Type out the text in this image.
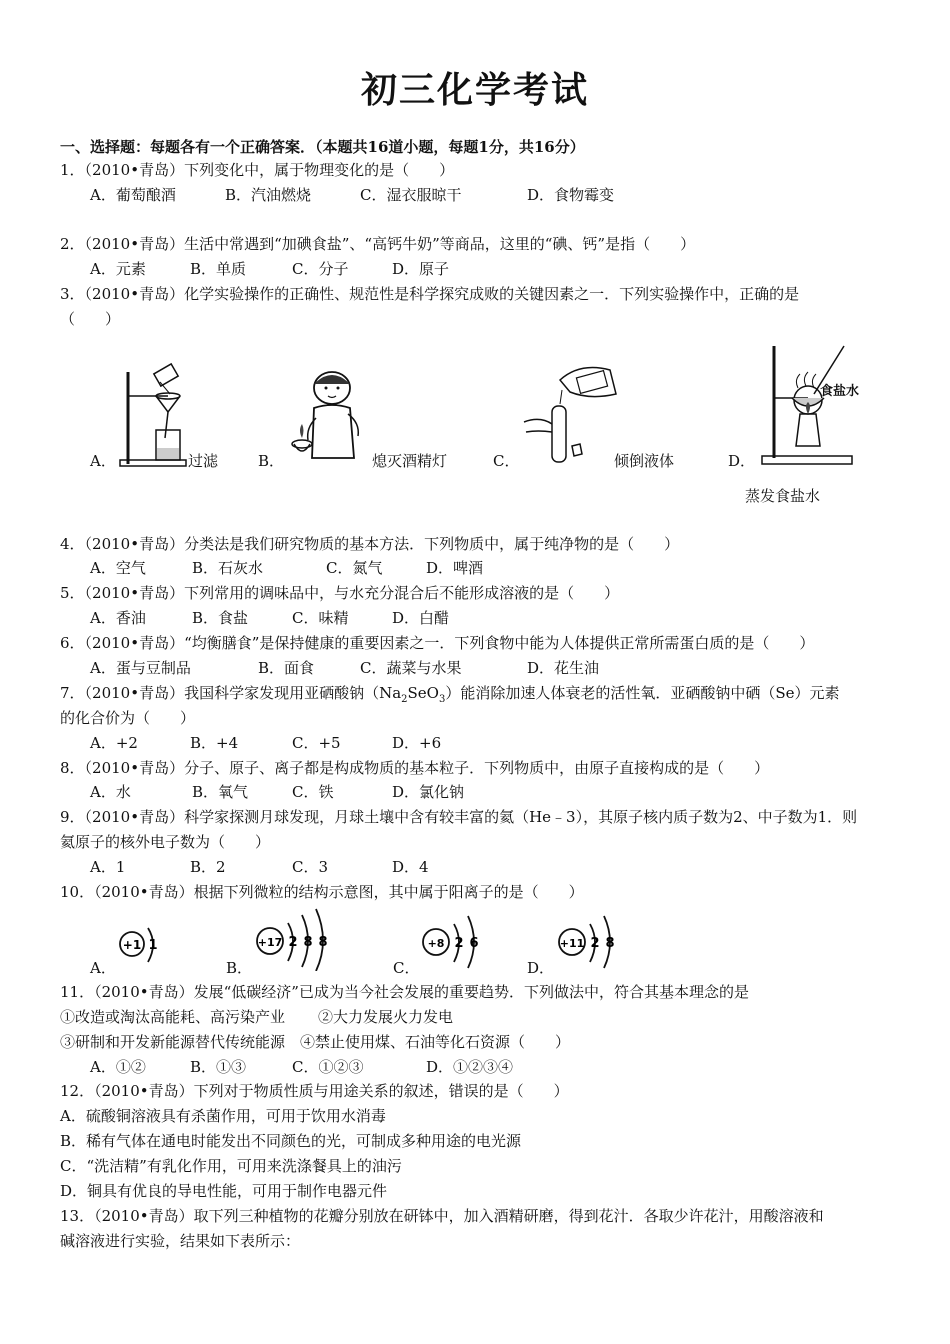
初三化学考试
一、选择题：每题各有一个正确答案．（本题共16道小题，每题1分，共16分）
1．（2010•青岛）下列变化中，属于物理变化的是（　　）
A．葡萄酿酒	B．汽油燃烧	C．湿衣服晾干	D．食物霉变
2．（2010•青岛）生活中常遇到“加碘食盐”、“高钙牛奶”等商品，这里的“碘、钙”是指（　　）
A．元素	B．单质	C．分子	D．原子
3．（2010•青岛）化学实验操作的正确性、规范性是科学探究成败的关键因素之一．下列实验操作中，正确的是
（　　）
A．	过滤	B．	熄灭酒精灯	C．	倾倒液体	D．
食盐水
蒸发食盐水
4．（2010•青岛）分类法是我们研究物质的基本方法．下列物质中，属于纯净物的是（　　）
A．空气	B．石灰水	C．氮气	D．啤酒
5．（2010•青岛）下列常用的调味品中，与水充分混合后不能形成溶液的是（　　）
A．香油	B．食盐	C．味精	D．白醋
6．（2010•青岛）“均衡膳食”是保持健康的重要因素之一．下列食物中能为人体提供正常所需蛋白质的是（　　）
A．蛋与豆制品	B．面食	C．蔬菜与水果	D．花生油
7．（2010•青岛）我国科学家发现用亚硒酸钠$(Na_2SeO_3)$能消除加速人体衰老的活性氧．亚硒酸钠中硒（Se）元素
的化合价为（　　）
A．+2	B．+4	C．+5	D．+6
8．（2010•青岛）分子、原子、离子都是构成物质的基本粒子．下列物质中，由原子直接构成的是（　　）
A．水	B．氧气	C．铁	D．氯化钠
9．（2010•青岛）科学家探测月球发现，月球土壤中含有较丰富的氦（He﹣3），其原子核内质子数为2、中子数为1．则
氦原子的核外电子数为（　　）
A．1	B．2	C．3	D．4
10．（2010•青岛）根据下列微粒的结构示意图，其中属于阳离子的是（　　）
A．	B．	C．	D．
+1 1	+17 2 8 8	+8 2 6	+11 2 8
11．（2010•青岛）发展“低碳经济”已成为当今社会发展的重要趋势．下列做法中，符合其基本理念的是
①改造或淘汰高能耗、高污染产业 ②大力发展火力发电
③研制和开发新能源替代传统能源　④禁止使用煤、石油等化石资源（　　）
A．①②	B．①③	C．①②③	D．①②③④
12．（2010•青岛）下列对于物质性质与用途关系的叙述，错误的是（　　）
A．硫酸铜溶液具有杀菌作用，可用于饮用水消毒
B．稀有气体在通电时能发出不同颜色的光，可制成多种用途的电光源
C．“洗洁精”有乳化作用，可用来洗涤餐具上的油污
D．铜具有优良的导电性能，可用于制作电器元件
13．（2010•青岛）取下列三种植物的花瓣分别放在研钵中，加入酒精研磨，得到花汁．各取少许花汁，用酸溶液和
碱溶液进行实验，结果如下表所示：
